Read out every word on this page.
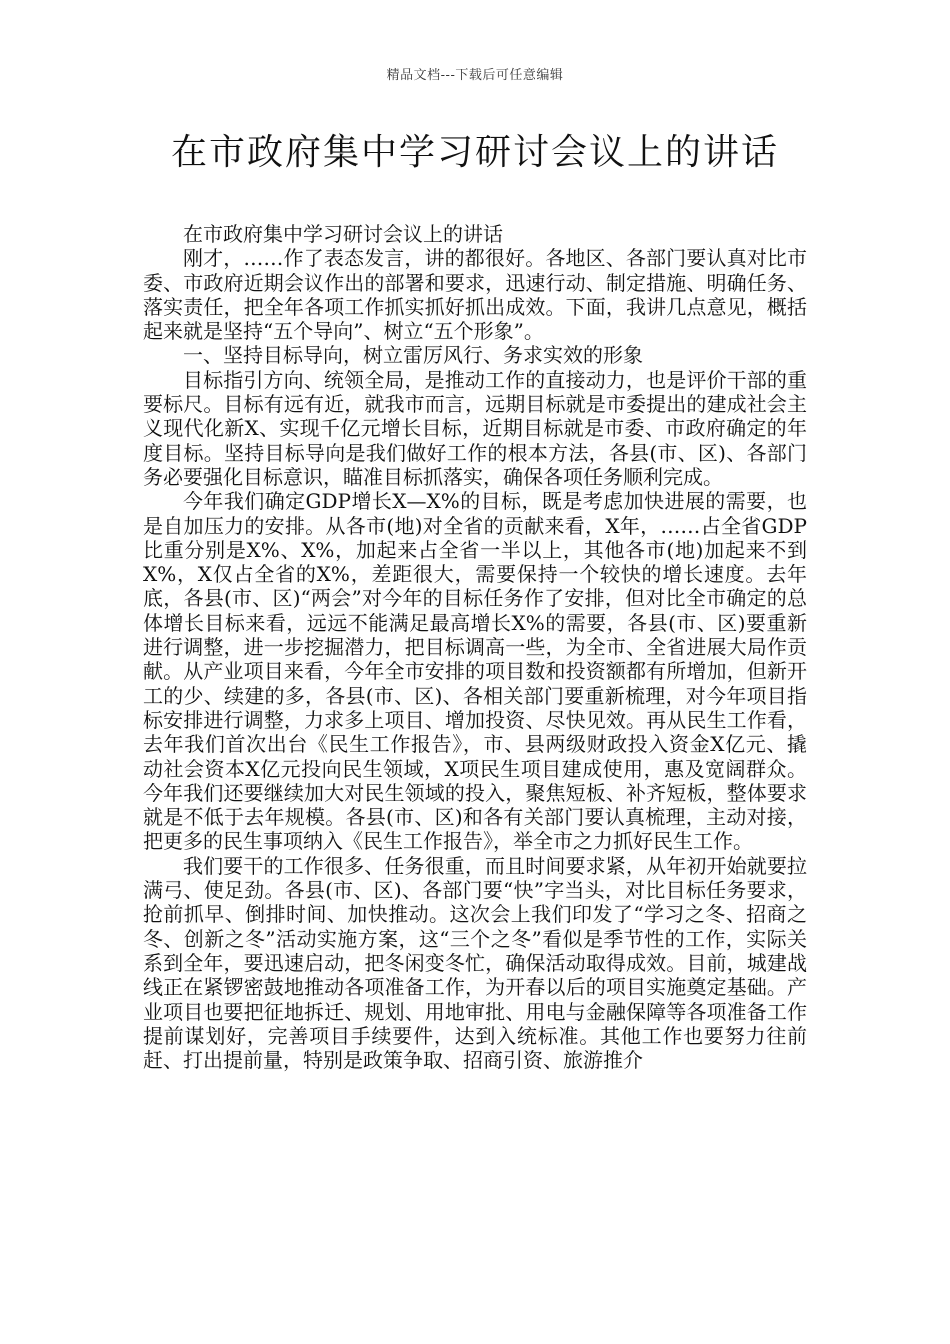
精品文档---下载后可任意编辑
在市政府集中学习研讨会议上的讲话

在市政府集中学习研讨会议上的讲话

刚才，……作了表态发言，讲的都很好。各地区、各部门要认真对比市委、市政府近期会议作出的部署和要求，迅速行动、制定措施、明确任务、落实责任，把全年各项工作抓实抓好抓出成效。下面，我讲几点意见，概括起来就是坚持“五个导向”、树立“五个形象”。

一、坚持目标导向，树立雷厉风行、务求实效的形象

目标指引方向、统领全局，是推动工作的直接动力，也是评价干部的重要标尺。目标有远有近，就我市而言，远期目标就是市委提出的建成社会主义现代化新X、实现千亿元增长目标，近期目标就是市委、市政府确定的年度目标。坚持目标导向是我们做好工作的根本方法，各县(市、区)、各部门务必要强化目标意识，瞄准目标抓落实，确保各项任务顺利完成。

今年我们确定GDP增长X—X%的目标，既是考虑加快进展的需要，也是自加压力的安排。从各市(地)对全省的贡献来看，X年，……占全省GDP比重分别是X%、X%，加起来占全省一半以上，其他各市(地)加起来不到X%，X仅占全省的X%，差距很大，需要保持一个较快的增长速度。去年底，各县(市、区)“两会”对今年的目标任务作了安排，但对比全市确定的总体增长目标来看，远远不能满足最高增长X%的需要，各县(市、区)要重新进行调整，进一步挖掘潜力，把目标调高一些，为全市、全省进展大局作贡献。从产业项目来看，今年全市安排的项目数和投资额都有所增加，但新开工的少、续建的多，各县(市、区)、各相关部门要重新梳理，对今年项目指标安排进行调整，力求多上项目、增加投资、尽快见效。再从民生工作看，去年我们首次出台《民生工作报告》，市、县两级财政投入资金X亿元、撬动社会资本X亿元投向民生领域，X项民生项目建成使用，惠及宽阔群众。今年我们还要继续加大对民生领域的投入，聚焦短板、补齐短板，整体要求就是不低于去年规模。各县(市、区)和各有关部门要认真梳理，主动对接，把更多的民生事项纳入《民生工作报告》，举全市之力抓好民生工作。

我们要干的工作很多、任务很重，而且时间要求紧，从年初开始就要拉满弓、使足劲。各县(市、区)、各部门要“快”字当头，对比目标任务要求，抢前抓早、倒排时间、加快推动。这次会上我们印发了“学习之冬、招商之冬、创新之冬”活动实施方案，这“三个之冬”看似是季节性的工作，实际关系到全年，要迅速启动，把冬闲变冬忙，确保活动取得成效。目前，城建战线正在紧锣密鼓地推动各项准备工作，为开春以后的项目实施奠定基础。产业项目也要把征地拆迁、规划、用地审批、用电与金融保障等各项准备工作提前谋划好，完善项目手续要件，达到入统标准。其他工作也要努力往前赶、打出提前量，特别是政策争取、招商引资、旅游推介
